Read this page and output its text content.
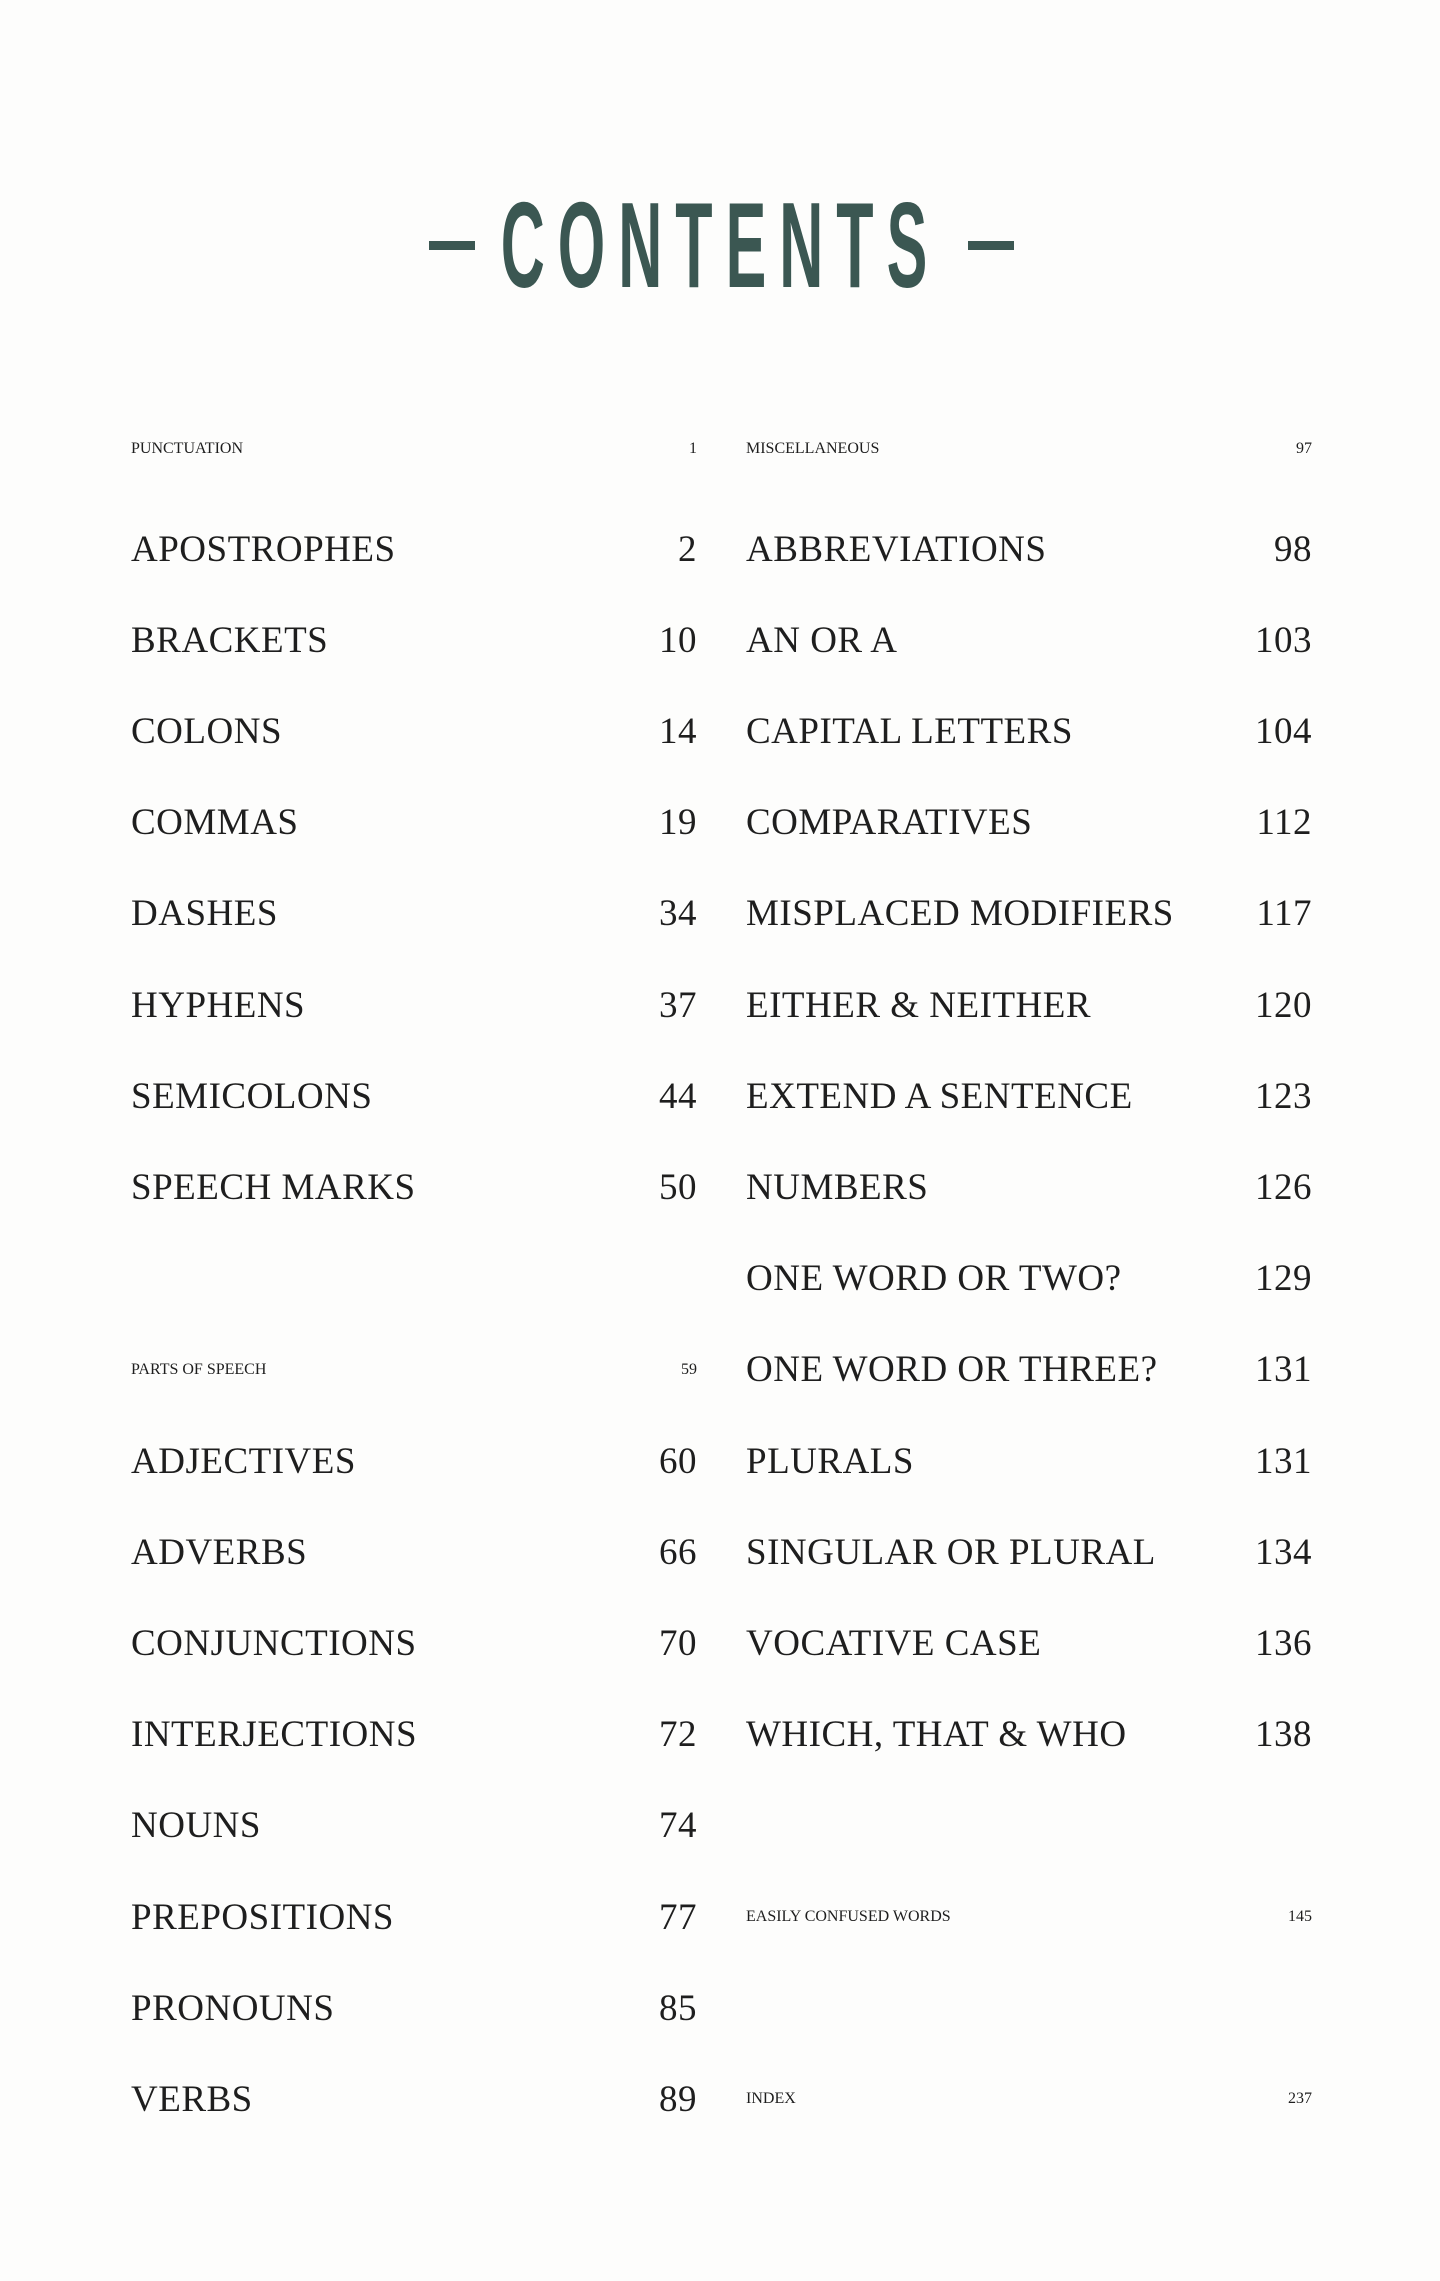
CONTENTS
PUNCTUATION	1
APOSTROPHES	2
BRACKETS	10
COLONS	14
COMMAS	19
DASHES	34
HYPHENS	37
SEMICOLONS	44
SPEECH MARKS	50
PARTS OF SPEECH	59
ADJECTIVES	60
ADVERBS	66
CONJUNCTIONS	70
INTERJECTIONS	72
NOUNS	74
PREPOSITIONS	77
PRONOUNS	85
VERBS	89
MISCELLANEOUS	97
ABBREVIATIONS	98
AN OR A	103
CAPITAL LETTERS	104
COMPARATIVES	112
MISPLACED MODIFIERS 117
EITHER & NEITHER	120
EXTEND A SENTENCE	123
NUMBERS	126
ONE WORD OR TWO?	129
ONE WORD OR THREE?	131
PLURALS	131
SINGULAR OR PLURAL	134
VOCATIVE CASE	136
WHICH, THAT & WHO	138
EASILY CONFUSED WORDS	145
INDEX	237
